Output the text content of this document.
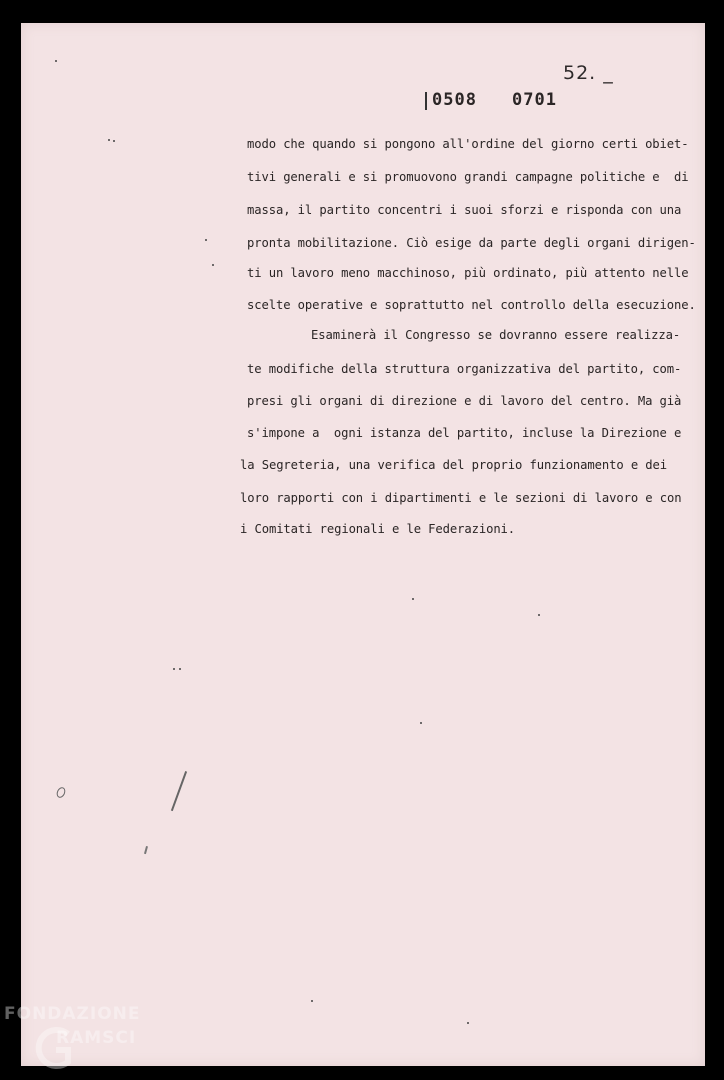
52. _
0508 0701
modo che quando si pongono all'ordine del giorno certi obiet-
tivi generali e si promuovono grandi campagne politiche e  di
massa, il partito concentri i suoi sforzi e risponda con una
pronta mobilitazione. Ciò esige da parte degli organi dirigen-
ti un lavoro meno macchinoso, più ordinato, più attento nelle
scelte operative e soprattutto nel controllo della esecuzione.
Esaminerà il Congresso se dovranno essere realizza-
te modifiche della struttura organizzativa del partito, com-
presi gli organi di direzione e di lavoro del centro. Ma già
s'impone a  ogni istanza del partito, incluse la Direzione e
la Segreteria, una verifica del proprio funzionamento e dei
loro rapporti con i dipartimenti e le sezioni di lavoro e con
i Comitati regionali e le Federazioni.
FONDAZIONE
RAMSCI
